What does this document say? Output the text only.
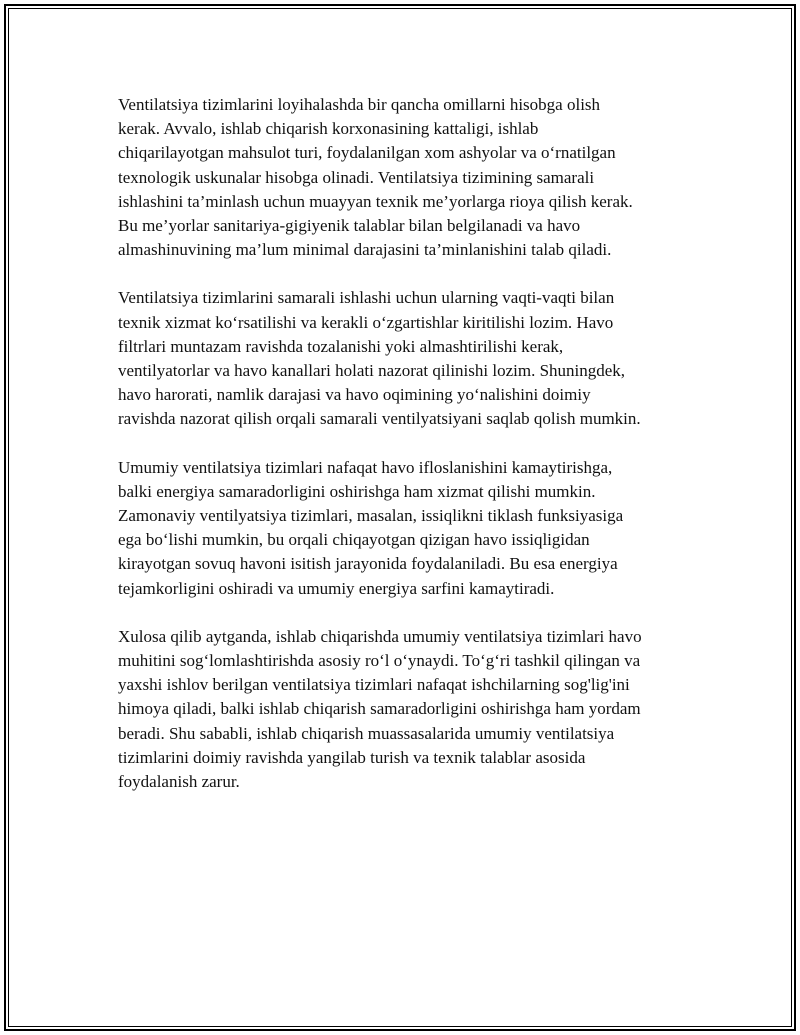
Ventilatsiya tizimlarini loyihalashda bir qancha omillarni hisobga olish
kerak. Avvalo, ishlab chiqarish korxonasining kattaligi, ishlab
chiqarilayotgan mahsulot turi, foydalanilgan xom ashyolar va o‘rnatilgan
texnologik uskunalar hisobga olinadi. Ventilatsiya tizimining samarali
ishlashini ta’minlash uchun muayyan texnik me’yorlarga rioya qilish kerak.
Bu me’yorlar sanitariya-gigiyenik talablar bilan belgilanadi va havo
almashinuvining ma’lum minimal darajasini ta’minlanishini talab qiladi.

Ventilatsiya tizimlarini samarali ishlashi uchun ularning vaqti-vaqti bilan
texnik xizmat ko‘rsatilishi va kerakli o‘zgartishlar kiritilishi lozim. Havo
filtrlari muntazam ravishda tozalanishi yoki almashtirilishi kerak,
ventilyatorlar va havo kanallari holati nazorat qilinishi lozim. Shuningdek,
havo harorati, namlik darajasi va havo oqimining yo‘nalishini doimiy
ravishda nazorat qilish orqali samarali ventilyatsiyani saqlab qolish mumkin.

Umumiy ventilatsiya tizimlari nafaqat havo ifloslanishini kamaytirishga,
balki energiya samaradorligini oshirishga ham xizmat qilishi mumkin.
Zamonaviy ventilyatsiya tizimlari, masalan, issiqlikni tiklash funksiyasiga
ega bo‘lishi mumkin, bu orqali chiqayotgan qizigan havo issiqligidan
kirayotgan sovuq havoni isitish jarayonida foydalaniladi. Bu esa energiya
tejamkorligini oshiradi va umumiy energiya sarfini kamaytiradi.

Xulosa qilib aytganda, ishlab chiqarishda umumiy ventilatsiya tizimlari havo
muhitini sog‘lomlashtirishda asosiy ro‘l o‘ynaydi. To‘g‘ri tashkil qilingan va
yaxshi ishlov berilgan ventilatsiya tizimlari nafaqat ishchilarning sog'lig'ini
himoya qiladi, balki ishlab chiqarish samaradorligini oshirishga ham yordam
beradi. Shu sababli, ishlab chiqarish muassasalarida umumiy ventilatsiya
tizimlarini doimiy ravishda yangilab turish va texnik talablar asosida
foydalanish zarur.
